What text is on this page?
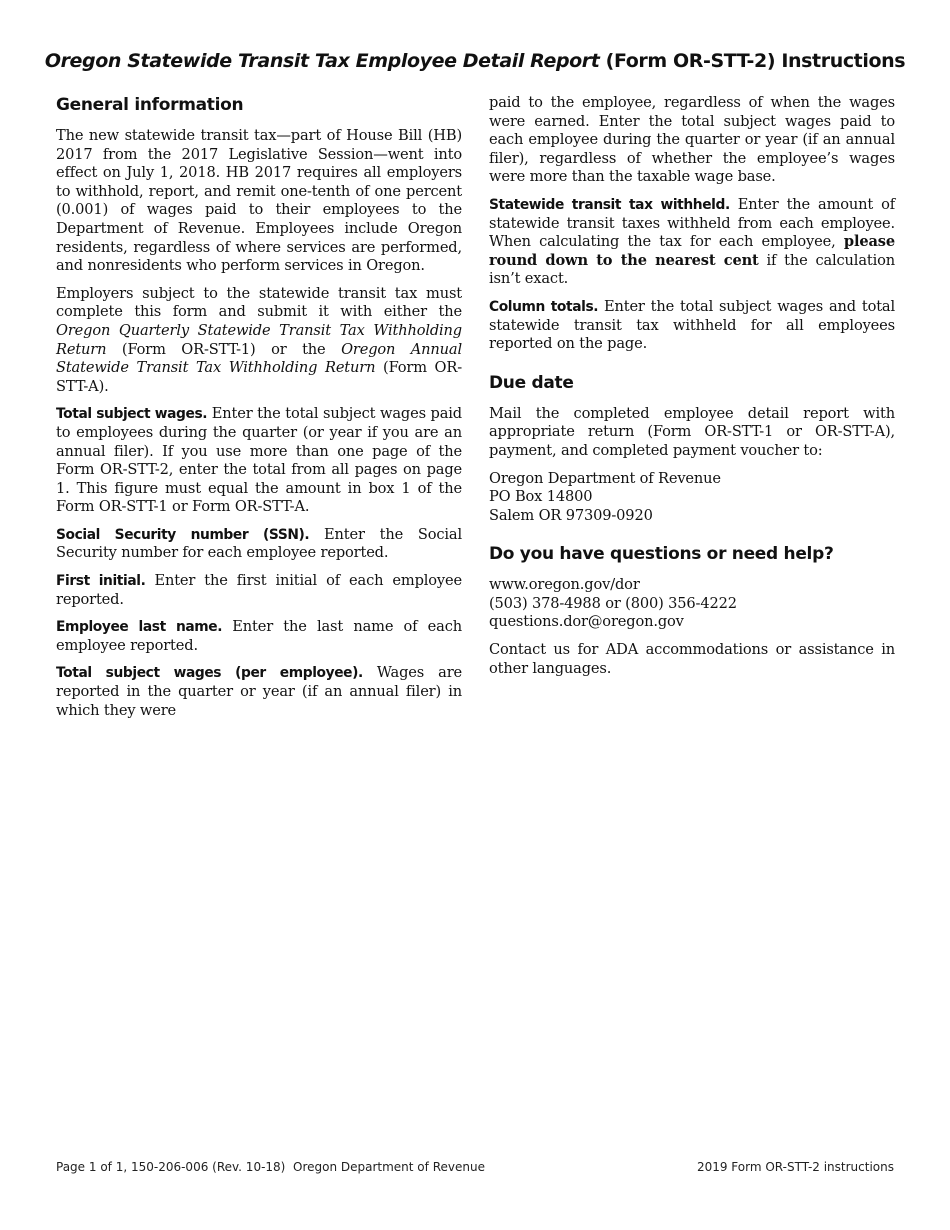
Oregon Statewide Transit Tax Employee Detail Report (Form OR-STT-2) Instructions
General information

The new statewide transit tax—part of House Bill (HB) 2017 from the 2017 Legislative Session—went into effect on July 1, 2018. HB 2017 requires all employers to withhold, report, and remit one-tenth of one percent (0.001) of wages paid to their employees to the Department of Revenue. Employees include Oregon residents, regardless of where services are performed, and nonresidents who perform services in Oregon.

Employers subject to the statewide transit tax must complete this form and submit it with either the Oregon Quarterly Statewide Transit Tax Withholding Return (Form OR-STT-1) or the Oregon Annual Statewide Transit Tax Withholding Return (Form OR-STT-A).

Total subject wages. Enter the total subject wages paid to employees during the quarter (or year if you are an annual filer). If you use more than one page of the Form OR-STT-2, enter the total from all pages on page 1. This figure must equal the amount in box 1 of the Form OR-STT-1 or Form OR-STT-A.

Social Security number (SSN). Enter the Social Security number for each employee reported.

First initial. Enter the first initial of each employee reported.

Employee last name. Enter the last name of each employee reported.

Total subject wages (per employee). Wages are reported in the quarter or year (if an annual filer) in which they were

paid to the employee, regardless of when the wages were earned. Enter the total subject wages paid to each employee during the quarter or year (if an annual filer), regardless of whether the employee’s wages were more than the taxable wage base.

Statewide transit tax withheld. Enter the amount of statewide transit taxes withheld from each employee. When calculating the tax for each employee, please round down to the nearest cent if the calculation isn’t exact.

Column totals. Enter the total subject wages and total statewide transit tax withheld for all employees reported on the page.

Due date

Mail the completed employee detail report with appropriate return (Form OR-STT-1 or OR-STT-A), payment, and completed payment voucher to:

Oregon Department of Revenue

PO Box 14800

Salem OR 97309-0920

Do you have questions or need help?

www.oregon.gov/dor

(503) 378-4988 or (800) 356-4222

questions.dor@oregon.gov

Contact us for ADA accommodations or assistance in other languages.

Page 1 of 1, 150-206-006 (Rev. 10-18) Oregon Department of Revenue	2019 Form OR-STT-2 instructions
